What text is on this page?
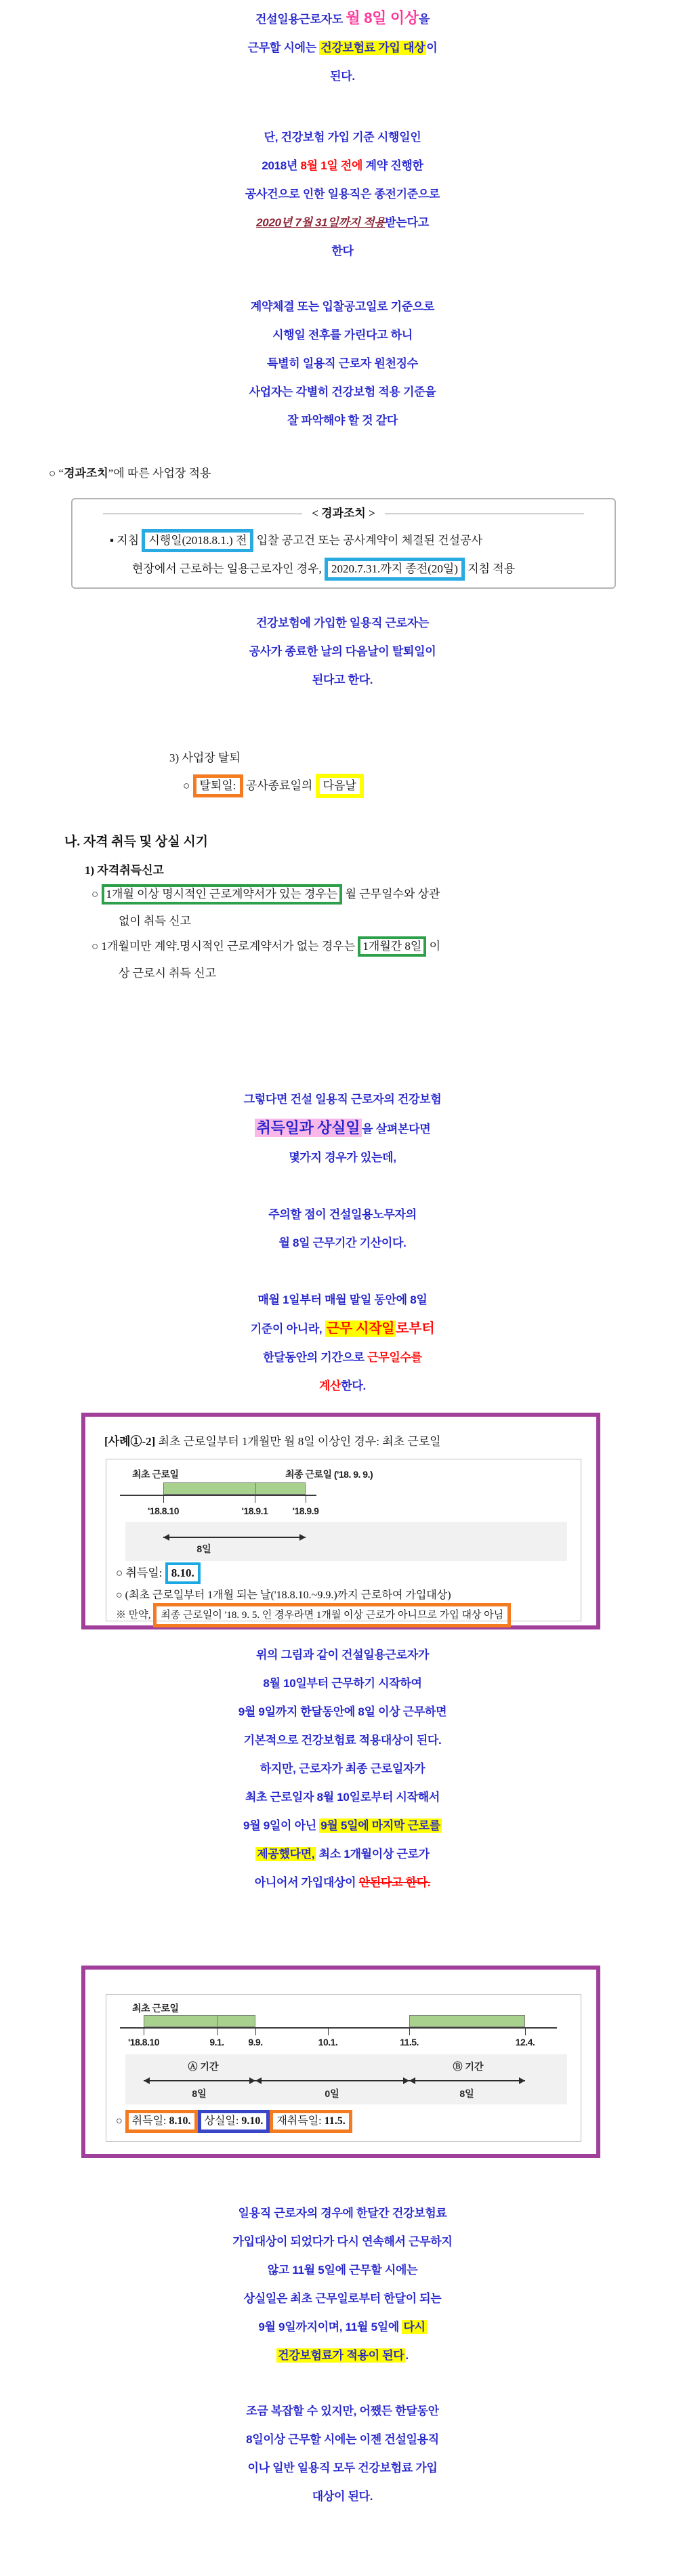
건설일용근로자도 월 8일 이상을

근무할 시에는 건강보험료 가입 대상 이

된다.

단, 건강보험 가입 기준 시행일인

2018년 8월 1일 전에 계약 진행한

공사건으로 인한 일용직은 종전기준으로

2020년 7월 31일까지 적용받는다고

한다

계약체결 또는 입찰공고일로 기준으로

시행일 전후를 가린다고 하니

특별히 일용직 근로자 원천징수

사업자는 각별히 건강보험 적용 기준을

잘 파악해야 할 것 같다

○ “경과조치”에 따른 사업장 적용
< 경과조치 >
▪ 지침 시행일(2018.8.1.) 전 입찰 공고건 또는 공사계약이 체결된 건설공사
현장에서 근로하는 일용근로자인 경우, 2020.7.31.까지 종전(20일) 지침 적용

건강보험에 가입한 일용직 근로자는

공사가 종료한 날의 다음날이 탈퇴일이

된다고 한다.

3) 사업장 탈퇴
○ 탈퇴일: 공사종료일의 다음날
나. 자격 취득 및 상실 시기
1) 자격취득신고
○ 1개월 이상 명시적인 근로계약서가 있는 경우는 월 근무일수와 상관
없이 취득 신고
○ 1개월미만 계약.명시적인 근로계약서가 없는 경우는 1개월간 8일 이
상 근로시 취득 신고

그렇다면 건설 일용직 근로자의 건강보험

취득일과 상실일 을 살펴본다면

몇가지 경우가 있는데,

주의할 점이 건설일용노무자의

월 8일 근무기간 기산이다.

매월 1일부터 매월 말일 동안에 8일

기준이 아니라, 근무 시작일 로부터

한달동안의 기간으로 근무일수를

계산한다.

[사례①-2] 최초 근로일부터 1개월만 월 8일 이상인 경우: 최초 근로일
최초 근로일	최종 근로일 ('18. 9. 9.)
'18.8.10	'18.9.1	'18.9.9
8일
○ 취득일: 8.10.
○ (최초 근로일부터 1개월 되는 날('18.8.10.~9.9.)까지 근로하여 가입대상)
※ 만약, 최종 근로일이 '18. 9. 5. 인 경우라면 1개월 이상 근로가 아니므로 가입 대상 아님

위의 그림과 같이 건설일용근로자가

8월 10일부터 근무하기 시작하여

9월 9일까지 한달동안에 8일 이상 근무하면

기본적으로 건강보험료 적용대상이 된다.

하지만, 근로자가 최종 근로일자가

최초 근로일자 8월 10일로부터 시작해서

9월 9일이 아닌 9월 5일에 마지막 근로를

제공했다면, 최소 1개월이상 근로가

아니어서 가입대상이 안된다고 한다.

최초 근로일
'18.8.10	9.1.	9.9.	10.1.	11.5.	12.4.
Ⓐ 기간	Ⓑ 기간
8일	0일	8일
○ 취득일: 8.10. 상실일: 9.10. 재취득일: 11.5.

일용직 근로자의 경우에 한달간 건강보험료

가입대상이 되었다가 다시 연속해서 근무하지

않고 11월 5일에 근무할 시에는

상실일은 최초 근무일로부터 한달이 되는

9월 9일까지이며, 11월 5일에 다시

건강보험료가 적용이 된다 .

조금 복잡할 수 있지만, 어쨌든 한달동안

8일이상 근무할 시에는 이젠 건설일용직

이나 일반 일용직 모두 건강보험료 가입

대상이 된다.
